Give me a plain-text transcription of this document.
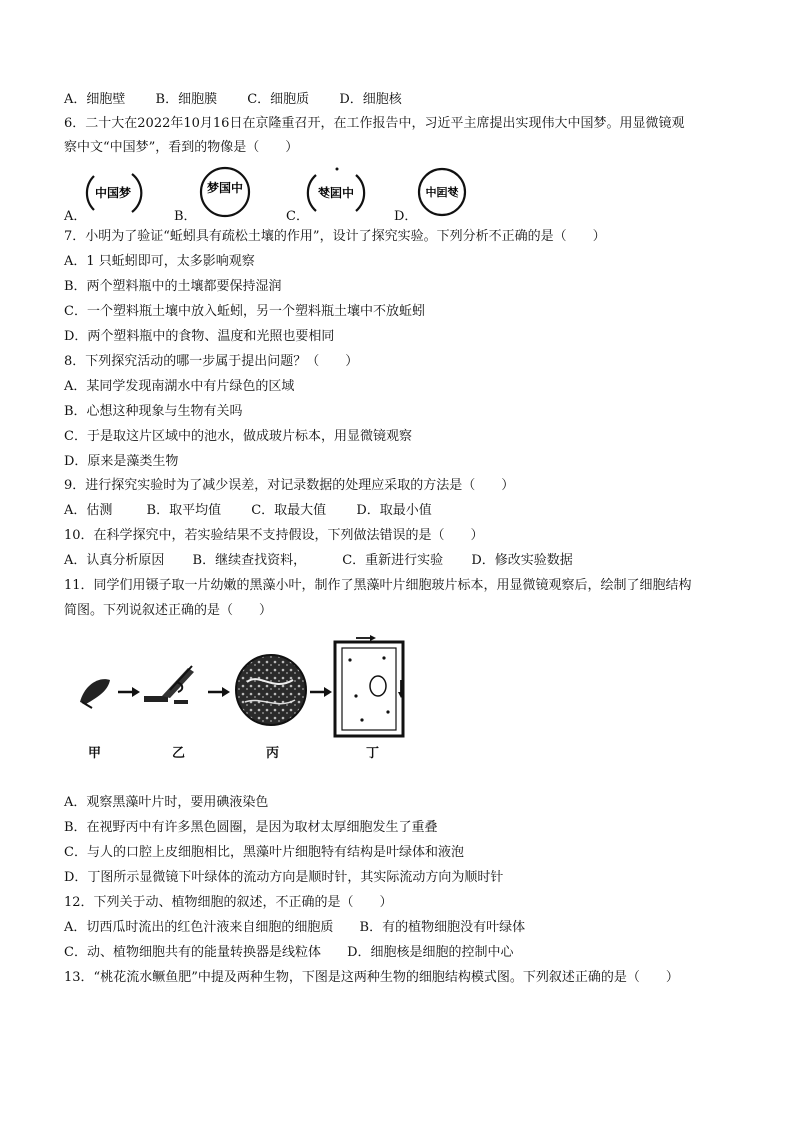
A．细胞壁 B．细胞膜 C．细胞质 D．细胞核
6．二十大在2022年10月16日在京隆重召开，在工作报告中，习近平主席提出实现伟大中国梦。用显微镜观
察中文“中国梦”，看到的物像是（　　）
A．
中国梦
B．
梦国中
C．
中国梦
D．
梦国中
7．小明为了验证“蚯蚓具有疏松土壤的作用”，设计了探究实验。下列分析不正确的是（　　）
A．1 只蚯蚓即可，太多影响观察
B．两个塑料瓶中的土壤都要保持湿润
C．一个塑料瓶土壤中放入蚯蚓，另一个塑料瓶土壤中不放蚯蚓
D．两个塑料瓶中的食物、温度和光照也要相同
8．下列探究活动的哪一步属于提出问题？（　　）
A．某同学发现南湖水中有片绿色的区域
B．心想这种现象与生物有关吗
C．于是取这片区域中的池水，做成玻片标本，用显微镜观察
D．原来是藻类生物
9．进行探究实验时为了减少误差，对记录数据的处理应采取的方法是（　　）
A．估测	B．取平均值 C．取最大值 D．取最小值
10．在科学探究中，若实验结果不支持假设，下列做法错误的是（　　）
A．认真分析原因 B．继续查找资料，	C．重新进行实验 D．修改实验数据
11．同学们用镊子取一片幼嫩的黑藻小叶，制作了黑藻叶片细胞玻片标本，用显微镜观察后，绘制了细胞结构
简图。下列说叙述正确的是（　　）
甲	乙	丙	丁
A．观察黑藻叶片时，要用碘液染色
B．在视野丙中有许多黑色圆圈，是因为取材太厚细胞发生了重叠
C．与人的口腔上皮细胞相比，黑藻叶片细胞特有结构是叶绿体和液泡
D．丁图所示显微镜下叶绿体的流动方向是顺时针，其实际流动方向为顺时针
12．下列关于动、植物细胞的叙述，不正确的是（　　）
A．切西瓜时流出的红色汁液来自细胞的细胞质 B．有的植物细胞没有叶绿体
C．动、植物细胞共有的能量转换器是线粒体 D．细胞核是细胞的控制中心
13．“桃花流水鳜鱼肥”中提及两种生物，下图是这两种生物的细胞结构模式图。下列叙述正确的是（　　）
